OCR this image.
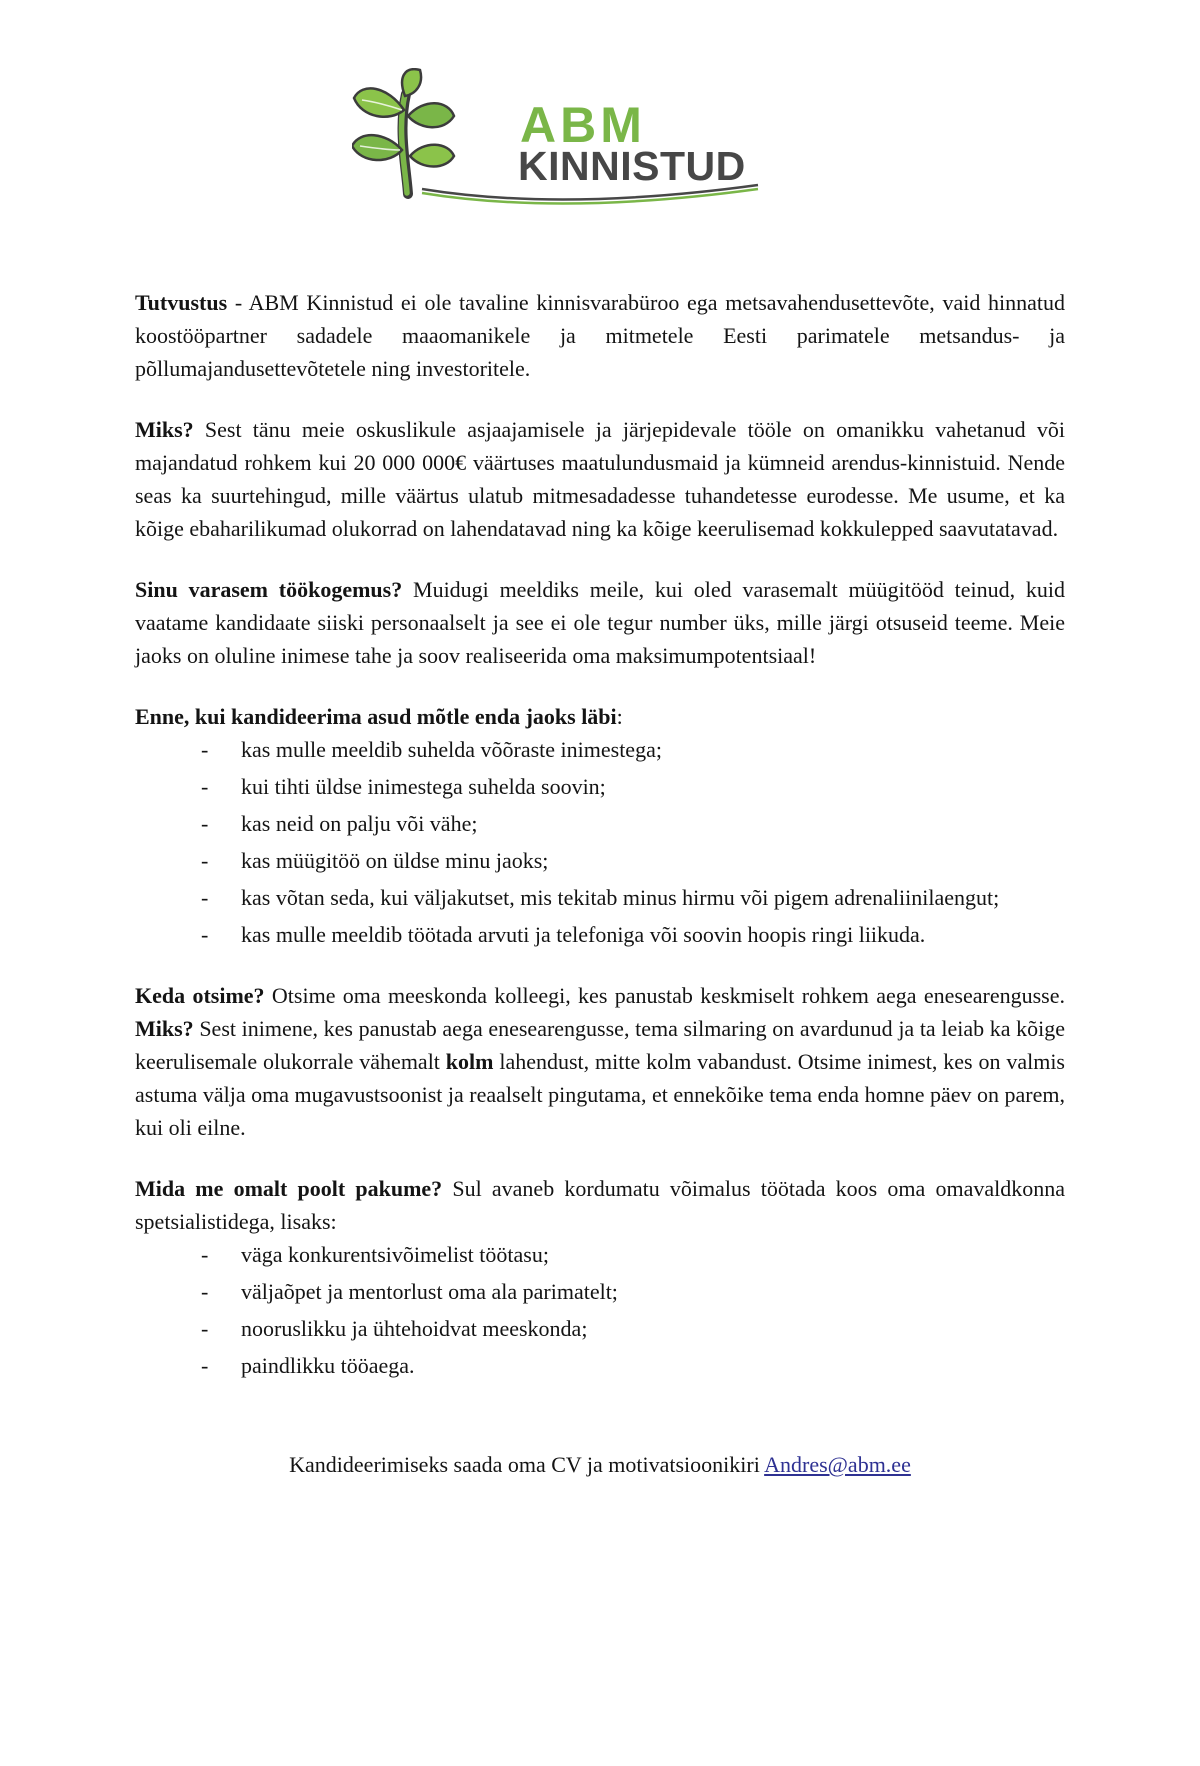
ABM
KINNISTUD

Tutvustus - ABM Kinnistud ei ole tavaline kinnisvarabüroo ega metsavahendusettevõte, vaid hinnatud koostööpartner sadadele maaomanikele ja mitmetele Eesti parimatele metsandus- ja põllumajandusettevõtetele ning investoritele.

Miks? Sest tänu meie oskuslikule asjaajamisele ja järjepidevale tööle on omanikku vahetanud või majandatud rohkem kui 20 000 000€ väärtuses maatulundusmaid ja kümneid arendus-kinnistuid. Nende seas ka suurtehingud, mille väärtus ulatub mitmesadadesse tuhandetesse eurodesse. Me usume, et ka kõige ebaharilikumad olukorrad on lahendatavad ning ka kõige keerulisemad kokkulepped saavutatavad.

Sinu varasem töökogemus? Muidugi meeldiks meile, kui oled varasemalt müügitööd teinud, kuid vaatame kandidaate siiski personaalselt ja see ei ole tegur number üks, mille järgi otsuseid teeme. Meie jaoks on oluline inimese tahe ja soov realiseerida oma maksimumpotentsiaal!

Enne, kui kandideerima asud mõtle enda jaoks läbi:

-	kas mulle meeldib suhelda võõraste inimestega;
-	kui tihti üldse inimestega suhelda soovin;
-	kas neid on palju või vähe;
-	kas müügitöö on üldse minu jaoks;
-	kas võtan seda, kui väljakutset, mis tekitab minus hirmu või pigem adrenaliinilaengut;
-	kas mulle meeldib töötada arvuti ja telefoniga või soovin hoopis ringi liikuda.

Keda otsime? Otsime oma meeskonda kolleegi, kes panustab keskmiselt rohkem aega enesearengusse. Miks? Sest inimene, kes panustab aega enesearengusse, tema silmaring on avardunud ja ta leiab ka kõige keerulisemale olukorrale vähemalt kolm lahendust, mitte kolm vabandust. Otsime inimest, kes on valmis astuma välja oma mugavustsoonist ja reaalselt pingutama, et ennekõike tema enda homne päev on parem, kui oli eilne.

Mida me omalt poolt pakume? Sul avaneb kordumatu võimalus töötada koos oma omavaldkonna spetsialistidega, lisaks:

-	väga konkurentsivõimelist töötasu;
-	väljaõpet ja mentorlust oma ala parimatelt;
-	nooruslikku ja ühtehoidvat meeskonda;
-	paindlikku tööaega.
Kandideerimiseks saada oma CV ja motivatsioonikiri Andres@abm.ee
